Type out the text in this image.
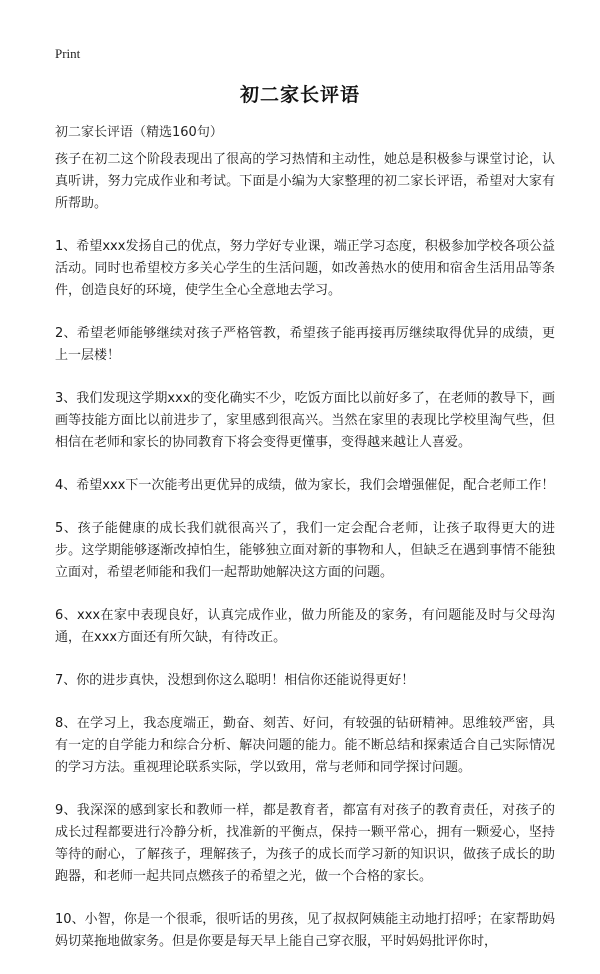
Print
初二家长评语
初二家长评语（精选160句）

孩子在初二这个阶段表现出了很高的学习热情和主动性，她总是积极参与课堂讨论，认真听讲，努力完成作业和考试。下面是小编为大家整理的初二家长评语，希望对大家有所帮助。

1、希望xxx发扬自己的优点，努力学好专业课，端正学习态度，积极参加学校各项公益活动。同时也希望校方多关心学生的生活问题，如改善热水的使用和宿舍生活用品等条件，创造良好的环境，使学生全心全意地去学习。

2、希望老师能够继续对孩子严格管教，希望孩子能再接再厉继续取得优异的成绩，更上一层楼！

3、我们发现这学期xxx的变化确实不少，吃饭方面比以前好多了，在老师的教导下，画画等技能方面比以前进步了，家里感到很高兴。当然在家里的表现比学校里淘气些，但相信在老师和家长的协同教育下将会变得更懂事，变得越来越让人喜爱。

4、希望xxx下一次能考出更优异的成绩，做为家长，我们会增强催促，配合老师工作！

5、孩子能健康的成长我们就很高兴了，我们一定会配合老师，让孩子取得更大的进步。这学期能够逐渐改掉怕生，能够独立面对新的事物和人，但缺乏在遇到事情不能独立面对，希望老师能和我们一起帮助她解决这方面的问题。

6、xxx在家中表现良好，认真完成作业，做力所能及的家务，有问题能及时与父母沟通，在xxx方面还有所欠缺，有待改正。

7、你的进步真快，没想到你这么聪明！相信你还能说得更好！

8、在学习上，我态度端正，勤奋、刻苦、好问，有较强的钻研精神。思维较严密，具有一定的自学能力和综合分析、解决问题的能力。能不断总结和探索适合自己实际情况的学习方法。重视理论联系实际，学以致用，常与老师和同学探讨问题。

9、我深深的感到家长和教师一样，都是教育者，都富有对孩子的教育责任，对孩子的成长过程都要进行冷静分析，找准新的平衡点，保持一颗平常心，拥有一颗爱心，坚持等待的耐心，了解孩子，理解孩子，为孩子的成长而学习新的知识识，做孩子成长的助跑器，和老师一起共同点燃孩子的希望之光，做一个合格的家长。

10、小智，你是一个很乖，很听话的男孩，见了叔叔阿姨能主动地打招呼；在家帮助妈妈切菜拖地做家务。但是你要是每天早上能自己穿衣服，平时妈妈批评你时，
